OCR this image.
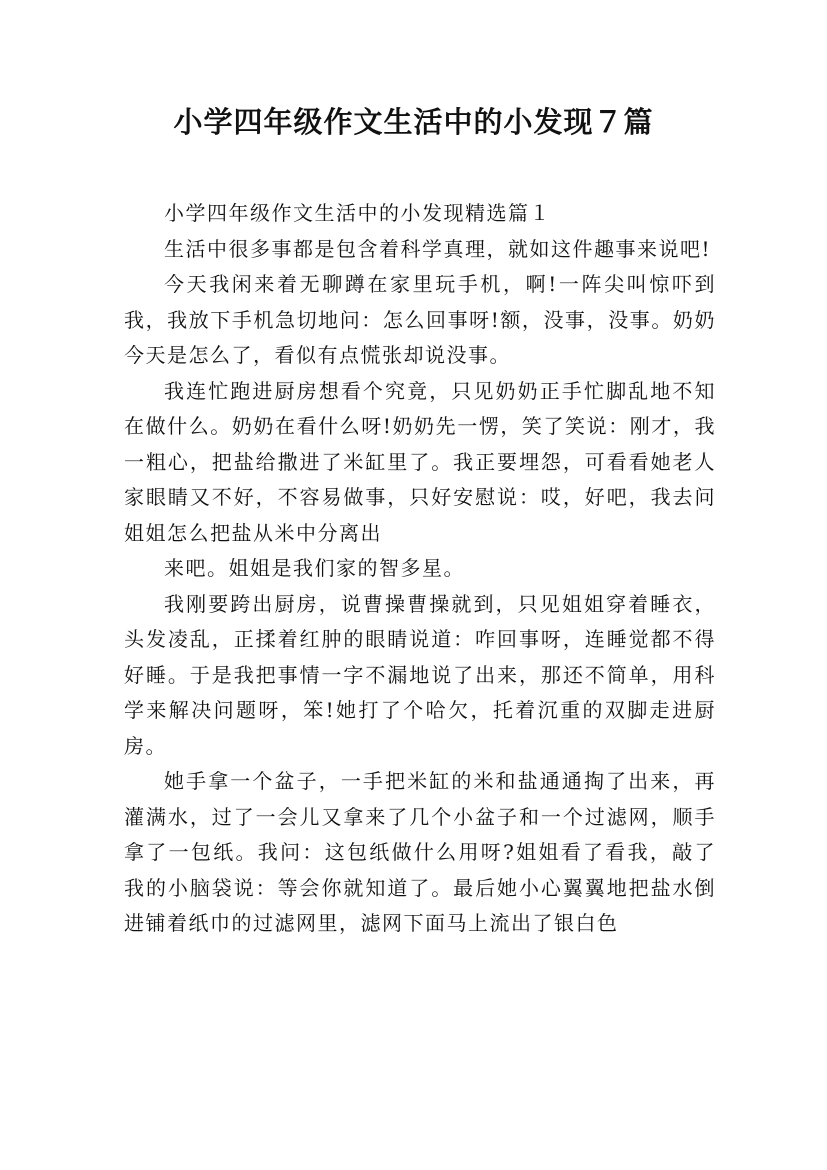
小学四年级作文生活中的小发现７篇

小学四年级作文生活中的小发现精选篇１

生活中很多事都是包含着科学真理，就如这件趣事来说吧!

今天我闲来着无聊蹲在家里玩手机，啊!一阵尖叫惊吓到我，我放下手机急切地问：怎么回事呀!额，没事，没事。奶奶今天是怎么了，看似有点慌张却说没事。

我连忙跑进厨房想看个究竟，只见奶奶正手忙脚乱地不知在做什么。奶奶在看什么呀!奶奶先一愣，笑了笑说：刚才，我一粗心，把盐给撒进了米缸里了。我正要埋怨，可看看她老人家眼睛又不好，不容易做事，只好安慰说：哎，好吧，我去问姐姐怎么把盐从米中分离出

来吧。姐姐是我们家的智多星。

我刚要跨出厨房，说曹操曹操就到，只见姐姐穿着睡衣，头发凌乱，正揉着红肿的眼睛说道：咋回事呀，连睡觉都不得好睡。于是我把事情一字不漏地说了出来，那还不简单，用科学来解决问题呀，笨!她打了个哈欠，托着沉重的双脚走进厨房。

她手拿一个盆子，一手把米缸的米和盐通通掏了出来，再灌满水，过了一会儿又拿来了几个小盆子和一个过滤网，顺手拿了一包纸。我问：这包纸做什么用呀?姐姐看了看我，敲了我的小脑袋说：等会你就知道了。最后她小心翼翼地把盐水倒进铺着纸巾的过滤网里，滤网下面马上流出了银白色
